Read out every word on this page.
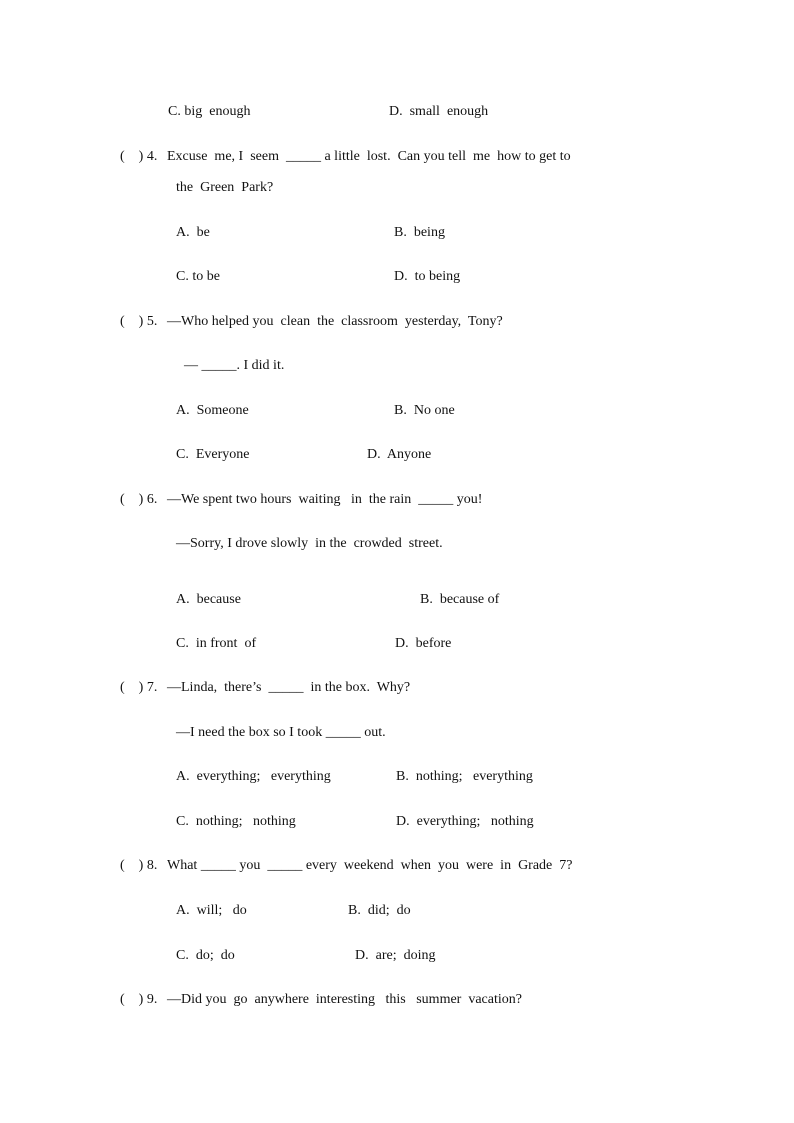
C. big  enough	D.  small  enough
(    ) 4. Excuse  me, I  seem  _____ a little  lost.  Can you tell  me  how to get to
the  Green  Park?
A.  be	B.  being
C. to be	D.  to being
(    ) 5. —Who helped you  clean  the  classroom  yesterday,  Tony?
— _____. I did it.
A.  Someone	B.  No one
C.  Everyone	D.  Anyone
(    ) 6. —We spent two hours  waiting   in  the rain  _____ you!
—Sorry, I drove slowly  in the  crowded  street.
A.  because	B.  because of
C.  in front  of	D.  before
(    ) 7. —Linda,  there’s  _____  in the box.  Why?
—I need the box so I took _____ out.
A.  everything;   everything	B.  nothing;   everything
C.  nothing;   nothing	D.  everything;   nothing
(    ) 8. What _____ you  _____ every  weekend  when  you  were  in  Grade  7?
A.  will;   do	B.  did;  do
C.  do;  do	D.  are;  doing
(    ) 9. —Did you  go  anywhere  interesting   this   summer  vacation?
